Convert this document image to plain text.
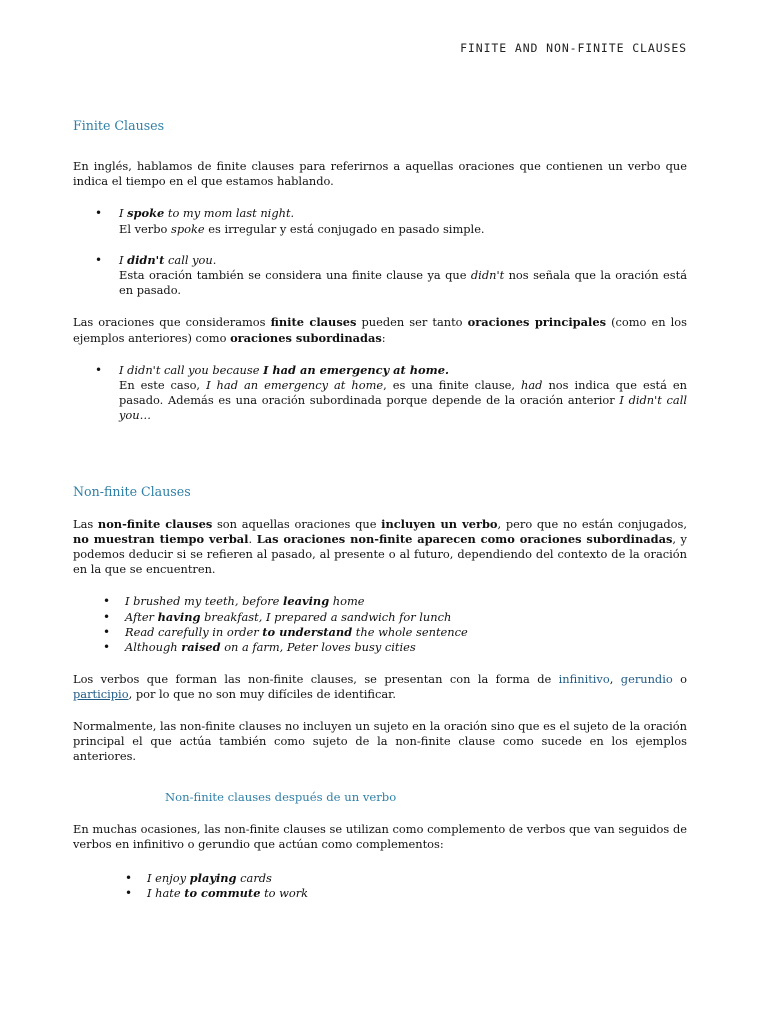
FINITE AND NON-FINITE CLAUSES
Finite Clauses

En inglés, hablamos de finite clauses para referirnos a aquellas oraciones que contienen un verbo que indica el tiempo en el que estamos hablando.

• I spoke to my mom last night.
El verbo spoke es irregular y está conjugado en pasado simple.
• I didn't call you.
Esta oración también se considera una finite clause ya que didn't nos señala que la oración está en pasado.

Las oraciones que consideramos finite clauses pueden ser tanto oraciones principales (como en los ejemplos anteriores) como oraciones subordinadas:

• I didn't call you because I had an emergency at home.
En este caso, I had an emergency at home, es una finite clause, had nos indica que está en pasado. Además es una oración subordinada porque depende de la oración anterior I didn't call you…
Non-finite Clauses

Las non-finite clauses son aquellas oraciones que incluyen un verbo, pero que no están conjugados, no muestran tiempo verbal. Las oraciones non-finite aparecen como oraciones subordinadas, y podemos deducir si se refieren al pasado, al presente o al futuro, dependiendo del contexto de la oración en la que se encuentren.

• I brushed my teeth, before leaving home
• After having breakfast, I prepared a sandwich for lunch
• Read carefully in order to understand the whole sentence
• Although raised on a farm, Peter loves busy cities

Los verbos que forman las non-finite clauses, se presentan con la forma de infinitivo, gerundio o participio, por lo que no son muy difíciles de identificar.

Normalmente, las non-finite clauses no incluyen un sujeto en la oración sino que es el sujeto de la oración principal el que actúa también como sujeto de la non-finite clause como sucede en los ejemplos anteriores.

Non-finite clauses después de un verbo

En muchas ocasiones, las non-finite clauses se utilizan como complemento de verbos que van seguidos de verbos en infinitivo o gerundio que actúan como complementos:

• I enjoy playing cards
• I hate to commute to work
